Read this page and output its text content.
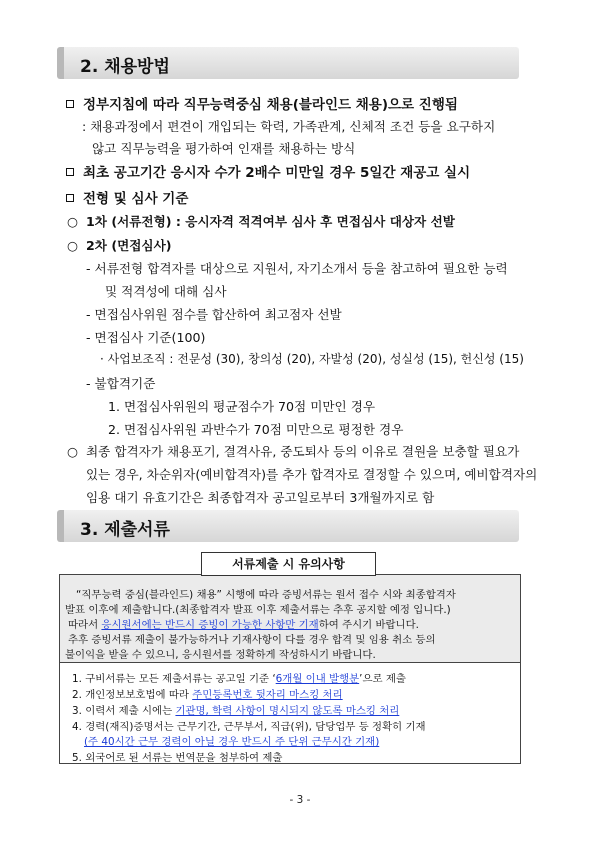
2. 채용방법
정부지침에 따라 직무능력중심 채용(블라인드 채용)으로 진행됨
: 채용과정에서 편견이 개입되는 학력, 가족관계, 신체적 조건 등을 요구하지
않고 직무능력을 평가하여 인재를 채용하는 방식
최초 공고기간 응시자 수가 2배수 미만일 경우 5일간 재공고 실시
전형 및 심사 기준
○  1차 (서류전형) : 응시자격 적격여부 심사 후 면접심사 대상자 선발
○  2차 (면접심사)
- 서류전형 합격자를 대상으로 지원서, 자기소개서 등을 참고하여 필요한 능력
및 적격성에 대해 심사
- 면접심사위원 점수를 합산하여 최고점자 선발
- 면접심사 기준(100)
· 사업보조직 : 전문성 (30), 창의성 (20), 자발성 (20), 성실성 (15), 헌신성 (15)
- 불합격기준
1. 면접심사위원의 평균점수가 70점 미만인 경우
2. 면접심사위원 과반수가 70점 미만으로 평정한 경우
○  최종 합격자가 채용포기, 결격사유, 중도퇴사 등의 이유로 결원을 보충할 필요가
있는 경우, 차순위자(예비합격자)를 추가 합격자로 결정할 수 있으며, 예비합격자의
임용 대기 유효기간은 최종합격자 공고일로부터 3개월까지로 함
3. 제출서류
“직무능력 중심(블라인드) 채용” 시행에 따라 증빙서류는 원서 접수 시와 최종합격자
발표 이후에 제출합니다.(최종합격자 발표 이후 제출서류는 추후 공지할 예정 입니다.)
따라서 응시원서에는 반드시 증빙이 가능한 사항만 기재하여 주시기 바랍니다.
추후 증빙서류 제출이 불가능하거나 기재사항이 다를 경우 합격 및 임용 취소 등의
불이익을 받을 수 있으니, 응시원서를 정확하게 작성하시기 바랍니다.
서류제출 시 유의사항
1. 구비서류는 모든 제출서류는 공고일 기준 ‘6개월 이내 발행분’으로 제출
2. 개인정보보호법에 따라 주민등록번호 뒷자리 마스킹 처리
3. 이력서 제출 시에는 기관명, 학력 사항이 명시되지 않도록 마스킹 처리
4. 경력(재직)증명서는 근무기간, 근무부서, 직급(위), 담당업무 등 정확히 기재
(주 40시간 근무 경력이 아닐 경우 반드시 주 단위 근무시간 기재)
5. 외국어로 된 서류는 번역문을 첨부하여 제출
- 3 -
